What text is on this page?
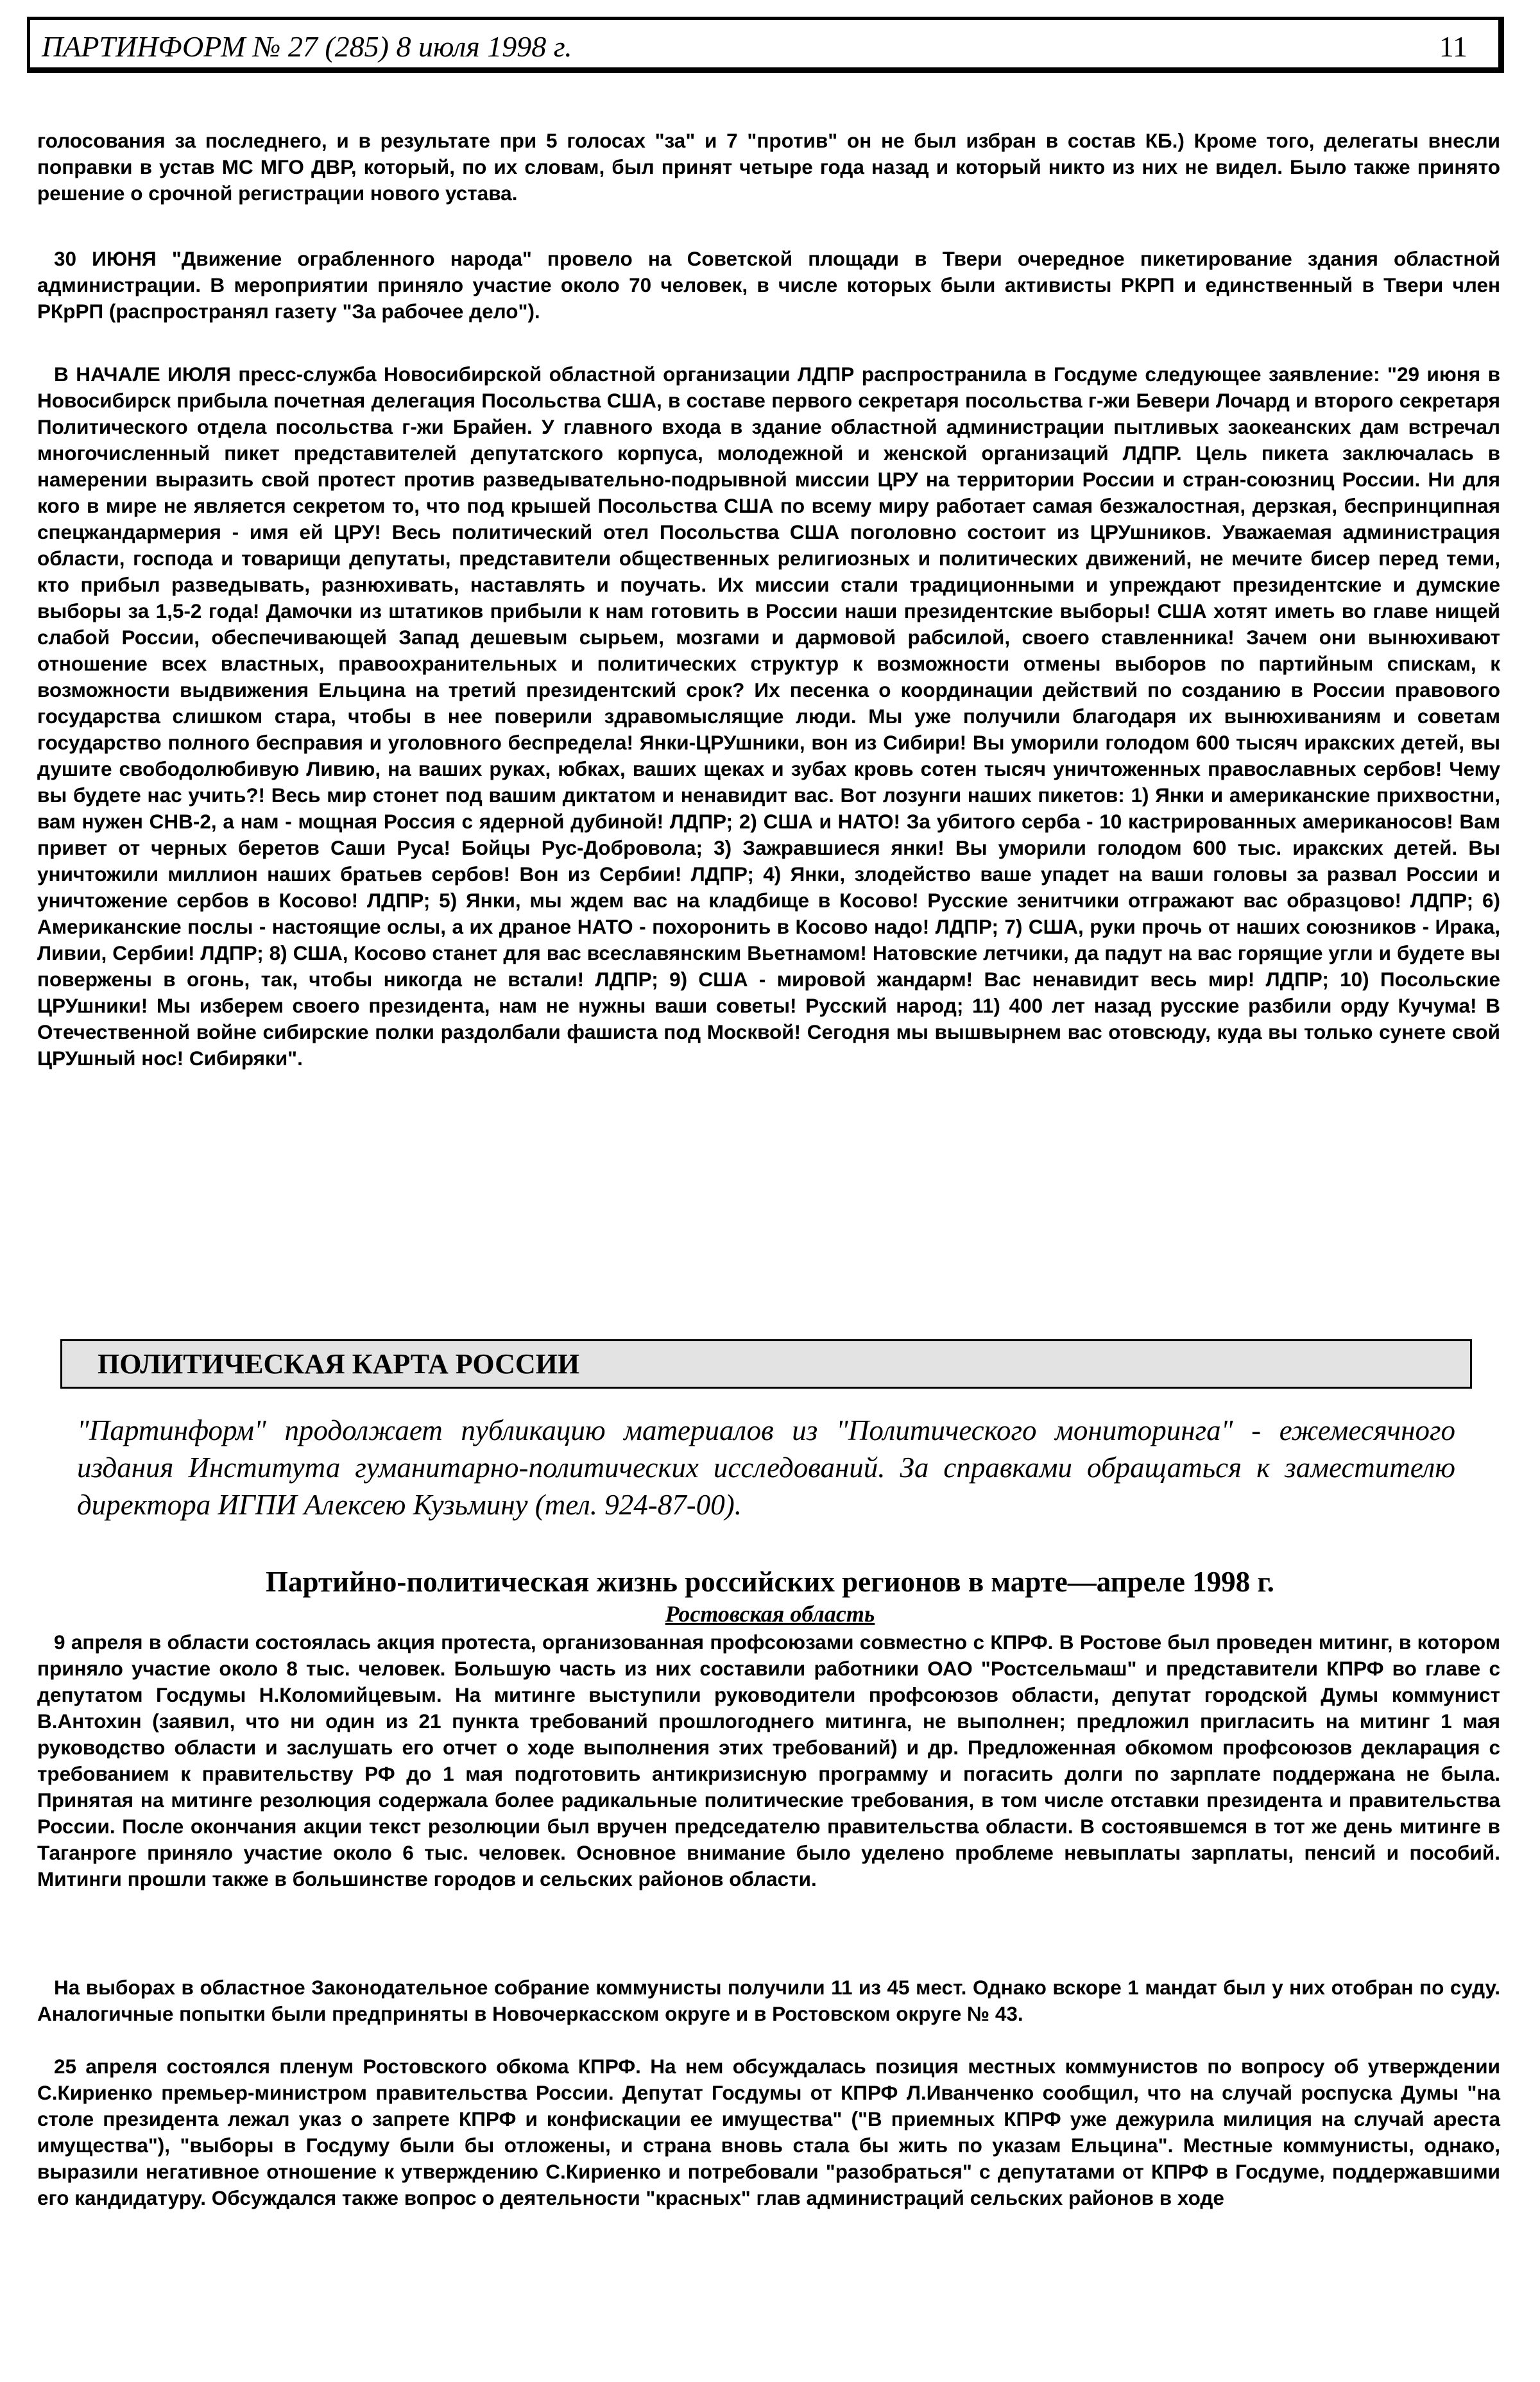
ПАРТИНФОРМ № 27 (285) 8 июля 1998 г.	11

голосования за последнего, и в результате при 5 голосах "за" и 7 "против" он не был избран в состав КБ.) Кроме того, делегаты внесли поправки в устав МС МГО ДВР, который, по их словам, был принят четыре года назад и который никто из них не видел. Было также принято решение о срочной регистрации нового устава.

30 ИЮНЯ "Движение ограбленного народа" провело на Советской площади в Твери очередное пикетирование здания областной администрации. В мероприятии приняло участие около 70 человек, в числе которых были активисты РКРП и единственный в Твери член РКрРП (распространял газету "За рабочее дело").

В НАЧАЛЕ ИЮЛЯ пресс-служба Новосибирской областной организации ЛДПР распространила в Госдуме следующее заявление: "29 июня в Новосибирск прибыла почетная делегация Посольства США, в составе первого секретаря посольства г-жи Бевери Лочард и второго секретаря Политического отдела посольства г-жи Брайен. У главного входа в здание областной администрации пытливых заокеанских дам встречал многочисленный пикет представителей депутатского корпуса, молодежной и женской организаций ЛДПР. Цель пикета заключалась в намерении выразить свой протест против разведывательно-подрывной миссии ЦРУ на территории России и стран-союзниц России. Ни для кого в мире не является секретом то, что под крышей Посольства США по всему миру работает самая безжалостная, дерзкая, беспринципная спецжандармерия - имя ей ЦРУ! Весь политический отел Посольства США поголовно состоит из ЦРУшников. Уважаемая администрация области, господа и товарищи депутаты, представители общественных религиозных и политических движений, не мечите бисер перед теми, кто прибыл разведывать, разнюхивать, наставлять и поучать. Их миссии стали традиционными и упреждают президентские и думские выборы за 1,5-2 года! Дамочки из штатиков прибыли к нам готовить в России наши президентские выборы! США хотят иметь во главе нищей слабой России, обеспечивающей Запад дешевым сырьем, мозгами и дармовой рабсилой, своего ставленника! Зачем они вынюхивают отношение всех властных, правоохранительных и политических структур к возможности отмены выборов по партийным спискам, к возможности выдвижения Ельцина на третий президентский срок? Их песенка о координации действий по созданию в России правового государства слишком стара, чтобы в нее поверили здравомыслящие люди. Мы уже получили благодаря их вынюхиваниям и советам государство полного бесправия и уголовного беспредела! Янки-ЦРУшники, вон из Сибири! Вы уморили голодом 600 тысяч иракских детей, вы душите свободолюбивую Ливию, на ваших руках, юбках, ваших щеках и зубах кровь сотен тысяч уничтоженных православных сербов! Чему вы будете нас учить?! Весь мир стонет под вашим диктатом и ненавидит вас. Вот лозунги наших пикетов: 1) Янки и американские прихвостни, вам нужен СНВ-2, а нам - мощная Россия с ядерной дубиной! ЛДПР; 2) США и НАТО! За убитого серба - 10 кастрированных американосов! Вам привет от черных беретов Саши Руса! Бойцы Рус-Добровола; 3) Зажравшиеся янки! Вы уморили голодом 600 тыс. иракских детей. Вы уничтожили миллион наших братьев сербов! Вон из Сербии! ЛДПР; 4) Янки, злодейство ваше упадет на ваши головы за развал России и уничтожение сербов в Косово! ЛДПР; 5) Янки, мы ждем вас на кладбище в Косово! Русские зенитчики отгражают вас образцово! ЛДПР; 6) Американские послы - настоящие ослы, а их драное НАТО - похоронить в Косово надо! ЛДПР; 7) США, руки прочь от наших союзников - Ирака, Ливии, Сербии! ЛДПР; 8) США, Косово станет для вас всеславянским Вьетнамом! Натовские летчики, да падут на вас горящие угли и будете вы повержены в огонь, так, чтобы никогда не встали! ЛДПР; 9) США - мировой жандарм! Вас ненавидит весь мир! ЛДПР; 10) Посольские ЦРУшники! Мы изберем своего президента, нам не нужны ваши советы! Русский народ; 11) 400 лет назад русские разбили орду Кучума! В Отечественной войне сибирские полки раздолбали фашиста под Москвой! Сегодня мы вышвырнем вас отовсюду, куда вы только сунете свой ЦРУшный нос! Сибиряки".

ПОЛИТИЧЕСКАЯ КАРТА РОССИИ

"Партинформ" продолжает публикацию материалов из "Политического мониторинга" - ежемесячного издания Института гуманитарно-политических исследований. За справками обращаться к заместителю директора ИГПИ Алексею Кузьмину (тел. 924-87-00).

Партийно-политическая жизнь российских регионов в марте—апреле 1998 г.
Ростовская область

9 апреля в области состоялась акция протеста, организованная профсоюзами совместно с КПРФ. В Ростове был проведен митинг, в котором приняло участие около 8 тыс. человек. Большую часть из них составили работники ОАО "Ростсельмаш" и представители КПРФ во главе с депутатом Госдумы Н.Коломийцевым. На митинге выступили руководители профсоюзов области, депутат городской Думы коммунист В.Антохин (заявил, что ни один из 21 пункта требований прошлогоднего митинга, не выполнен; предложил пригласить на митинг 1 мая руководство области и заслушать его отчет о ходе выполнения этих требований) и др. Предложенная обкомом профсоюзов декларация с требованием к правительству РФ до 1 мая подготовить антикризисную программу и погасить долги по зарплате поддержана не была. Принятая на митинге резолюция содержала более радикальные политические требования, в том числе отставки президента и правительства России. После окончания акции текст резолюции был вручен председателю правительства области. В состоявшемся в тот же день митинге в Таганроге приняло участие около 6 тыс. человек. Основное внимание было уделено проблеме невыплаты зарплаты, пенсий и пособий. Митинги прошли также в большинстве городов и сельских районов области.

На выборах в областное Законодательное собрание коммунисты получили 11 из 45 мест. Однако вскоре 1 мандат был у них отобран по суду. Аналогичные попытки были предприняты в Новочеркасском округе и в Ростовском округе № 43.

25 апреля состоялся пленум Ростовского обкома КПРФ. На нем обсуждалась позиция местных коммунистов по вопросу об утверждении С.Кириенко премьер-министром правительства России. Депутат Госдумы от КПРФ Л.Иванченко сообщил, что на случай роспуска Думы "на столе президента лежал указ о запрете КПРФ и конфискации ее имущества" ("В приемных КПРФ уже дежурила милиция на случай ареста имущества"), "выборы в Госдуму были бы отложены, и страна вновь стала бы жить по указам Ельцина". Местные коммунисты, однако, выразили негативное отношение к утверждению С.Кириенко и потребовали "разобраться" с депутатами от КПРФ в Госдуме, поддержавшими его кандидатуру. Обсуждался также вопрос о деятельности "красных" глав администраций сельских районов в ходе
